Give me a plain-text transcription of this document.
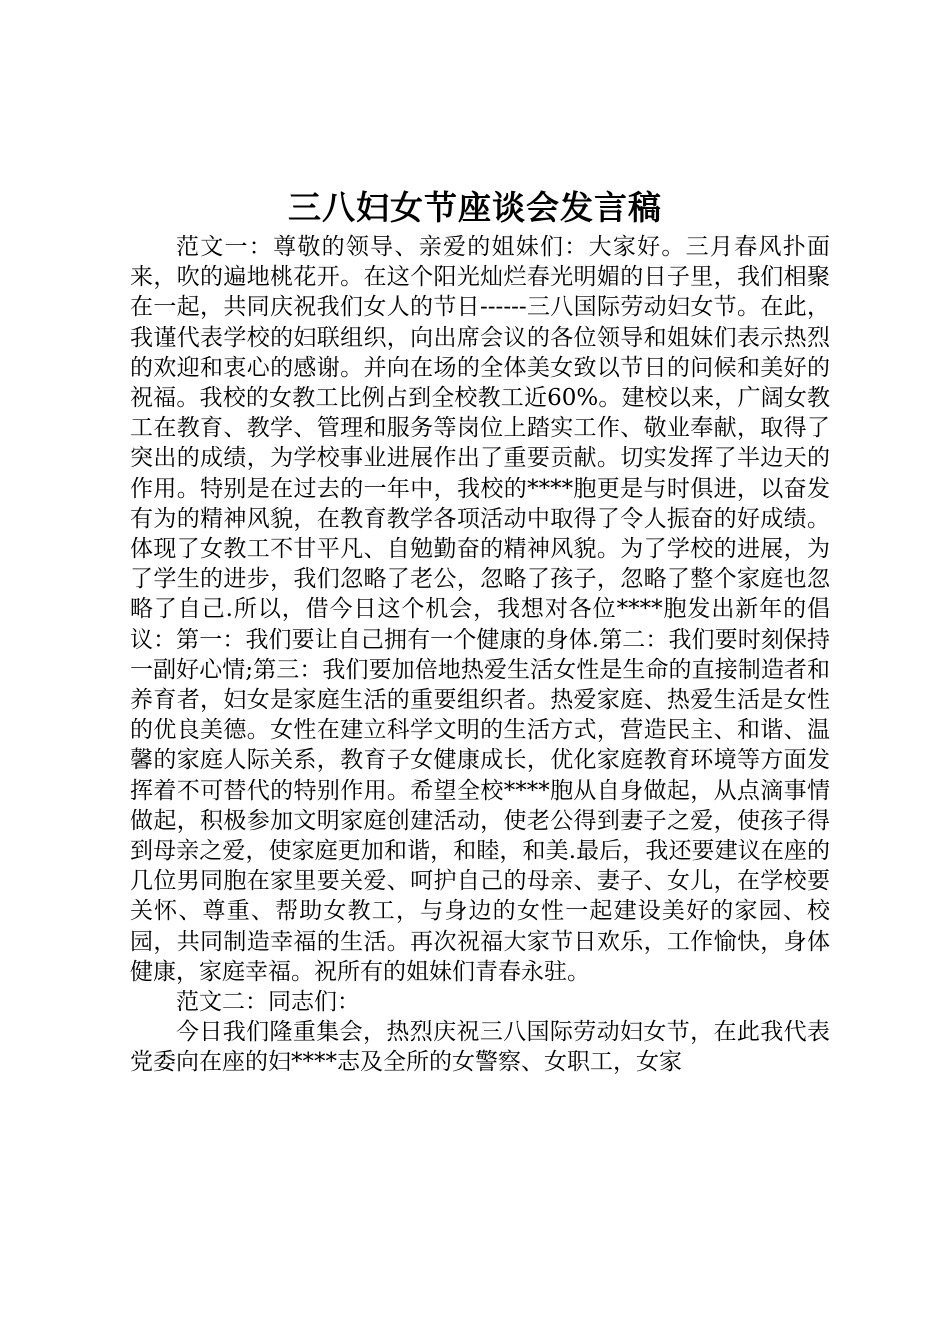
三八妇女节座谈会发言稿

范文一：尊敬的领导、亲爱的姐妹们：大家好。三月春风扑面来，吹的遍地桃花开。在这个阳光灿烂春光明媚的日子里，我们相聚在一起，共同庆祝我们女人的节日------三八国际劳动妇女节。在此，我谨代表学校的妇联组织，向出席会议的各位领导和姐妹们表示热烈的欢迎和衷心的感谢。并向在场的全体美女致以节日的问候和美好的祝福。我校的女教工比例占到全校教工近60%。建校以来，广阔女教工在教育、教学、管理和服务等岗位上踏实工作、敬业奉献，取得了突出的成绩，为学校事业进展作出了重要贡献。切实发挥了半边天的作用。特别是在过去的一年中，我校的****胞更是与时俱进，以奋发有为的精神风貌，在教育教学各项活动中取得了令人振奋的好成绩。体现了女教工不甘平凡、自勉勤奋的精神风貌。为了学校的进展，为了学生的进步，我们忽略了老公，忽略了孩子，忽略了整个家庭也忽略了自己.所以，借今日这个机会，我想对各位****胞发出新年的倡议：第一：我们要让自己拥有一个健康的身体.第二：我们要时刻保持一副好心情;第三：我们要加倍地热爱生活女性是生命的直接制造者和养育者，妇女是家庭生活的重要组织者。热爱家庭、热爱生活是女性的优良美德。女性在建立科学文明的生活方式，营造民主、和谐、温馨的家庭人际关系，教育子女健康成长，优化家庭教育环境等方面发挥着不可替代的特别作用。希望全校****胞从自身做起，从点滴事情做起，积极参加文明家庭创建活动，使老公得到妻子之爱，使孩子得到母亲之爱，使家庭更加和谐，和睦，和美.最后，我还要建议在座的几位男同胞在家里要关爱、呵护自己的母亲、妻子、女儿，在学校要关怀、尊重、帮助女教工，与身边的女性一起建设美好的家园、校园，共同制造幸福的生活。再次祝福大家节日欢乐，工作愉快，身体健康，家庭幸福。祝所有的姐妹们青春永驻。

范文二：同志们：

今日我们隆重集会，热烈庆祝三八国际劳动妇女节，在此我代表党委向在座的妇****志及全所的女警察、女职工，女家
